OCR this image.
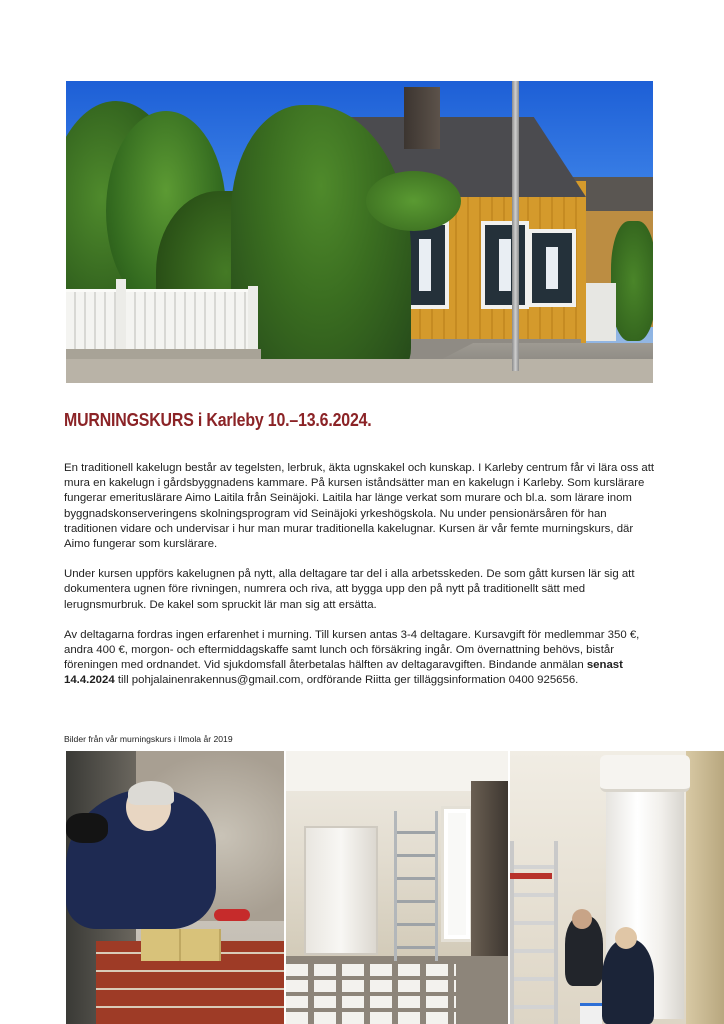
MURNINGSKURS i Karleby 10.–13.6.2024.

En traditionell kakelugn består av tegelsten, lerbruk, äkta ugnskakel och kunskap. I Karleby centrum får vi lära oss att mura en kakelugn i gårdsbyggnadens kammare. På kursen iståndsätter man en kakelugn i Karleby. Som kurslärare fungerar emerituslärare Aimo Laitila från Seinäjoki. Laitila har länge verkat som murare och bl.a. som lärare inom byggnadskonserveringens skolningsprogram vid Seinäjoki yrkeshögskola. Nu under pensionärsåren för han traditionen vidare och undervisar i hur man murar traditionella kakelugnar. Kursen är vår femte murningskurs, där Aimo fungerar som kurslärare.

Under kursen uppförs kakelugnen på nytt, alla deltagare tar del i alla arbetsskeden. De som gått kursen lär sig att dokumentera ugnen före rivningen, numrera och riva, att bygga upp den på nytt på traditionellt sätt med lerugnsmurbruk. De kakel som spruckit lär man sig att ersätta.

Av deltagarna fordras ingen erfarenhet i murning. Till kursen antas 3-4 deltagare. Kursavgift för medlemmar 350 €, andra 400 €, morgon- och eftermiddagskaffe samt lunch och försäkring ingår. Om övernattning behövs, bistår föreningen med ordnandet. Vid sjukdomsfall återbetalas hälften av deltagaravgiften. Bindande anmälan senast 14.4.2024 till pohjalainenrakennus@gmail.com, ordförande Riitta ger tilläggsinformation 0400 925656.

Bilder från vår murningskurs i Ilmola år 2019
